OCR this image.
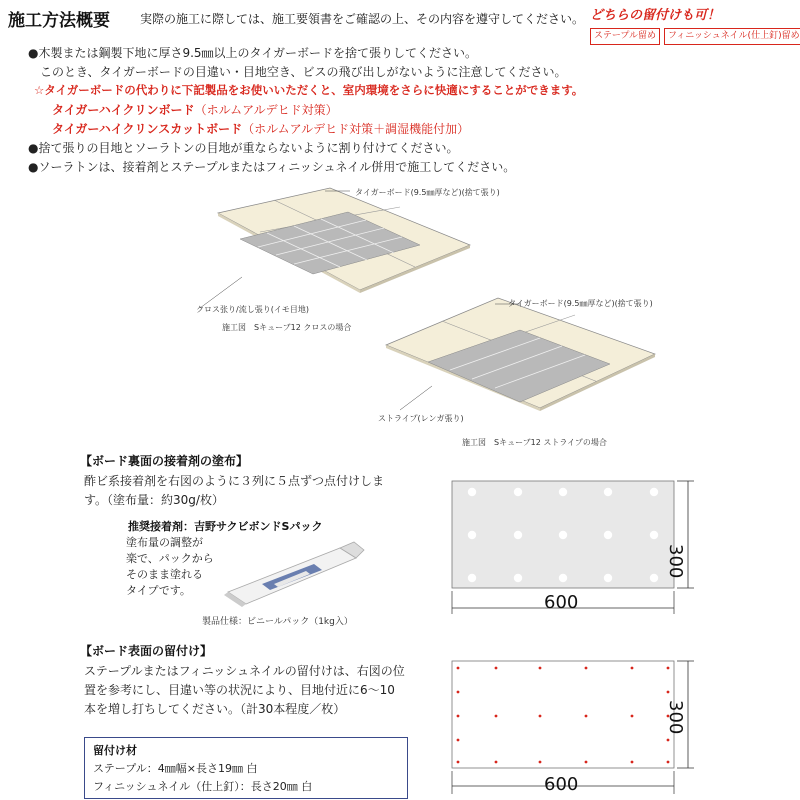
施工方法概要	実際の施工に際しては、施工要領書をご確認の上、その内容を遵守してください。 どちらの留付けも可！
ステープル留め	フィニッシュネイル(仕上釘)留め
●木製または鋼製下地に厚さ9.5㎜以上のタイガーボードを捨て張りしてください。
このとき、タイガーボードの目違い・目地空き、ビスの飛び出しがないように注意してください。
☆タイガーボードの代わりに下記製品をお使いいただくと、室内環境をさらに快適にすることができます。
タイガーハイクリンボード（ホルムアルデヒド対策）
タイガーハイクリンスカットボード（ホルムアルデヒド対策＋調湿機能付加）
●捨て張りの目地とソーラトンの目地が重ならないように割り付けてください。
●ソーラトンは、接着剤とステープルまたはフィニッシュネイル併用で施工してください。
タイガーボード(9.5㎜厚など)(捨て張り)
クロス张り/流し張り(イモ目地)
施工図　Sキューブ12 クロスの場合
タイガーボード(9.5㎜厚など)(捨て張り)
ストライプ(レンガ張り)
施工図　Sキューブ12 ストライプの場合
【ボード裏面の接着剤の塗布】
酢ビ系接着剤を右図のように３列に５点ずつ点付けしま
す。（塗布量：約30g/枚）
推奨接着剤：吉野サクビボンドSパック
塗布量の調整が
楽で、パックから
そのまま塗れる
タイプです。
製品仕様：ビニールパック（1kg入）
600
300
【ボード表面の留付け】
ステープルまたはフィニッシュネイルの留付けは、右図の位
置を参考にし、目違い等の状況により、目地付近に6～10
本を増し打ちしてください。（計30本程度／枚）
留付け材
ステープル：4㎜幅×長さ19㎜ 白
フィニッシュネイル（仕上釘）：長さ20㎜ 白	600
300
